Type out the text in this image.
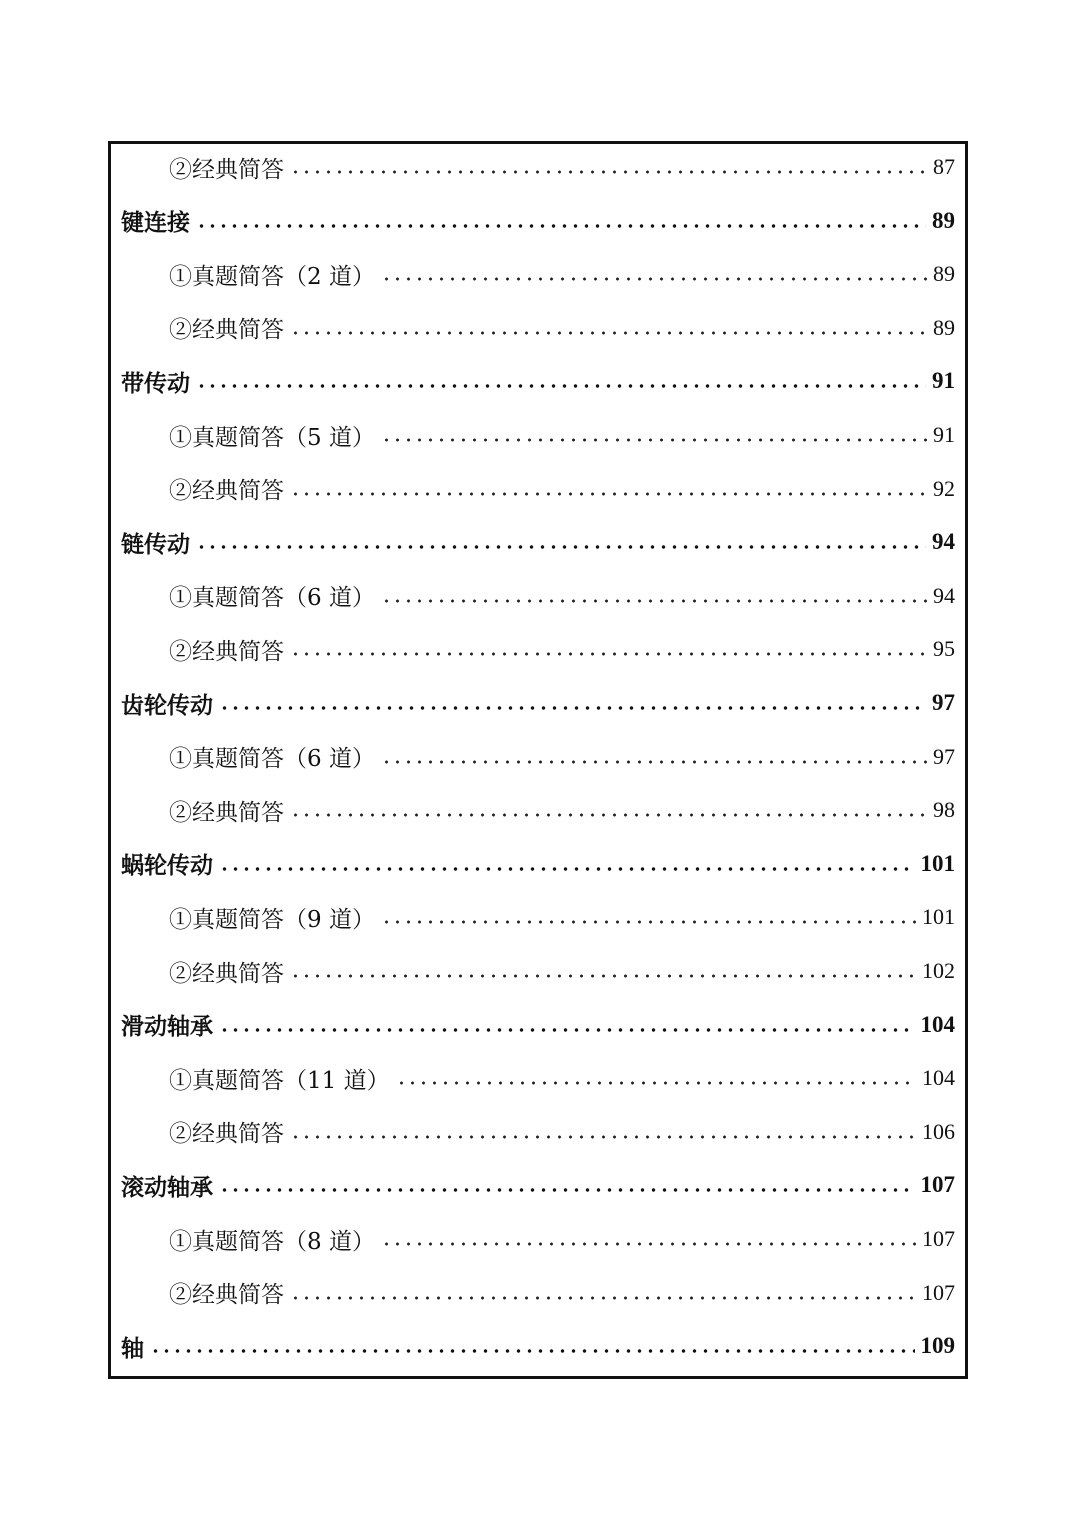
②经典简答	87
键连接	89
①真题简答（2 道）	89
②经典简答	89
带传动	91
①真题简答（5 道）	91
②经典简答	92
链传动	94
①真题简答（6 道）	94
②经典简答	95
齿轮传动	97
①真题简答（6 道）	97
②经典简答	98
蜗轮传动	101
①真题简答（9 道）	101
②经典简答	102
滑动轴承	104
①真题简答（11 道）	104
②经典简答	106
滚动轴承	107
①真题简答（8 道）	107
②经典简答	107
轴	109
